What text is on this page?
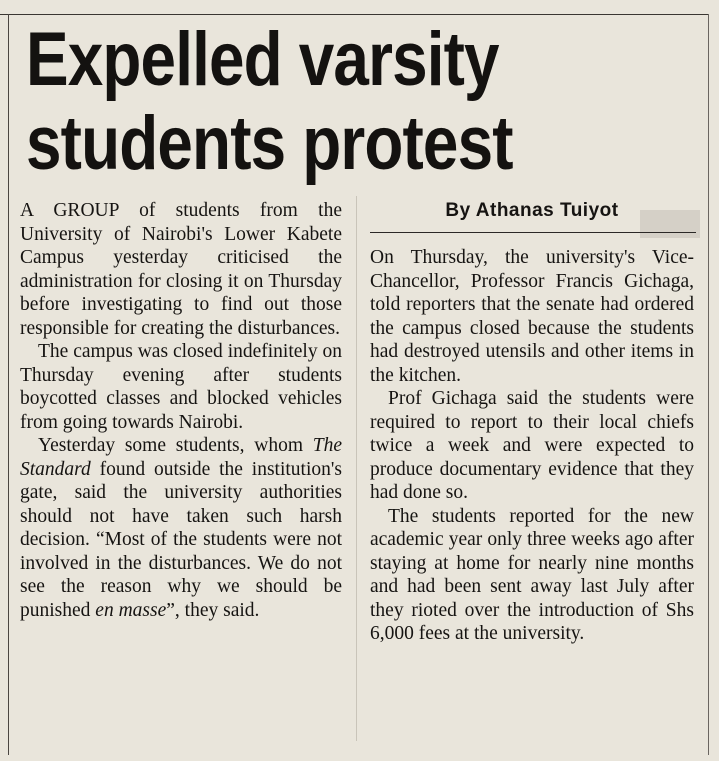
Expelled varsity
students protest

A GROUP of students from the University of Nairobi's Lower Kabete Campus yesterday criticised the administration for closing it on Thursday before investigating to find out those responsible for creating the disturbances.

The campus was closed indefinitely on Thursday evening after students boycotted classes and blocked vehicles from going towards Nairobi.

Yesterday some students, whom The Standard found outside the institution's gate, said the university authorities should not have taken such harsh decision. “Most of the students were not involved in the disturbances. We do not see the reason why we should be punished en masse”, they said.

By Athanas Tuiyot

On Thursday, the university's Vice-Chancellor, Professor Francis Gichaga, told reporters that the senate had ordered the campus closed because the students had destroyed utensils and other items in the kitchen.

Prof Gichaga said the students were required to report to their local chiefs twice a week and were expected to produce documentary evidence that they had done so.

The students reported for the new academic year only three weeks ago after staying at home for nearly nine months and had been sent away last July after they rioted over the introduction of Shs 6,000 fees at the university.
